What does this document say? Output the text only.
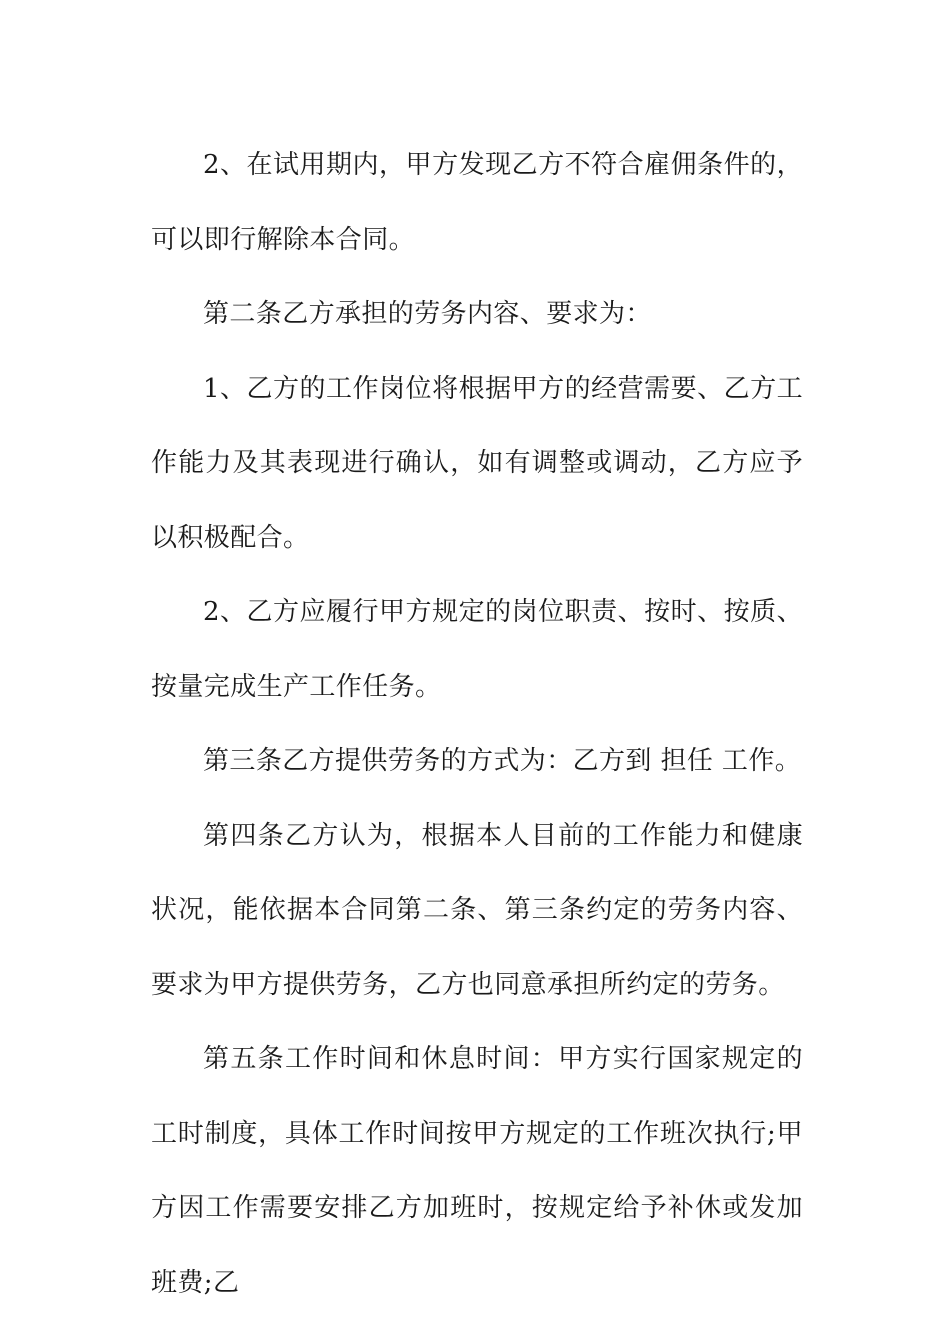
2、在试用期内，甲方发现乙方不符合雇佣条件的，可以即行解除本合同。

第二条乙方承担的劳务内容、要求为：

1、乙方的工作岗位将根据甲方的经营需要、乙方工作能力及其表现进行确认，如有调整或调动，乙方应予以积极配合。

2、乙方应履行甲方规定的岗位职责、按时、按质、按量完成生产工作任务。

第三条乙方提供劳务的方式为：乙方到 担任 工作。

第四条乙方认为，根据本人目前的工作能力和健康状况，能依据本合同第二条、第三条约定的劳务内容、要求为甲方提供劳务，乙方也同意承担所约定的劳务。

第五条工作时间和休息时间：甲方实行国家规定的工时制度，具体工作时间按甲方规定的工作班次执行;甲方因工作需要安排乙方加班时，按规定给予补休或发加班费;乙
